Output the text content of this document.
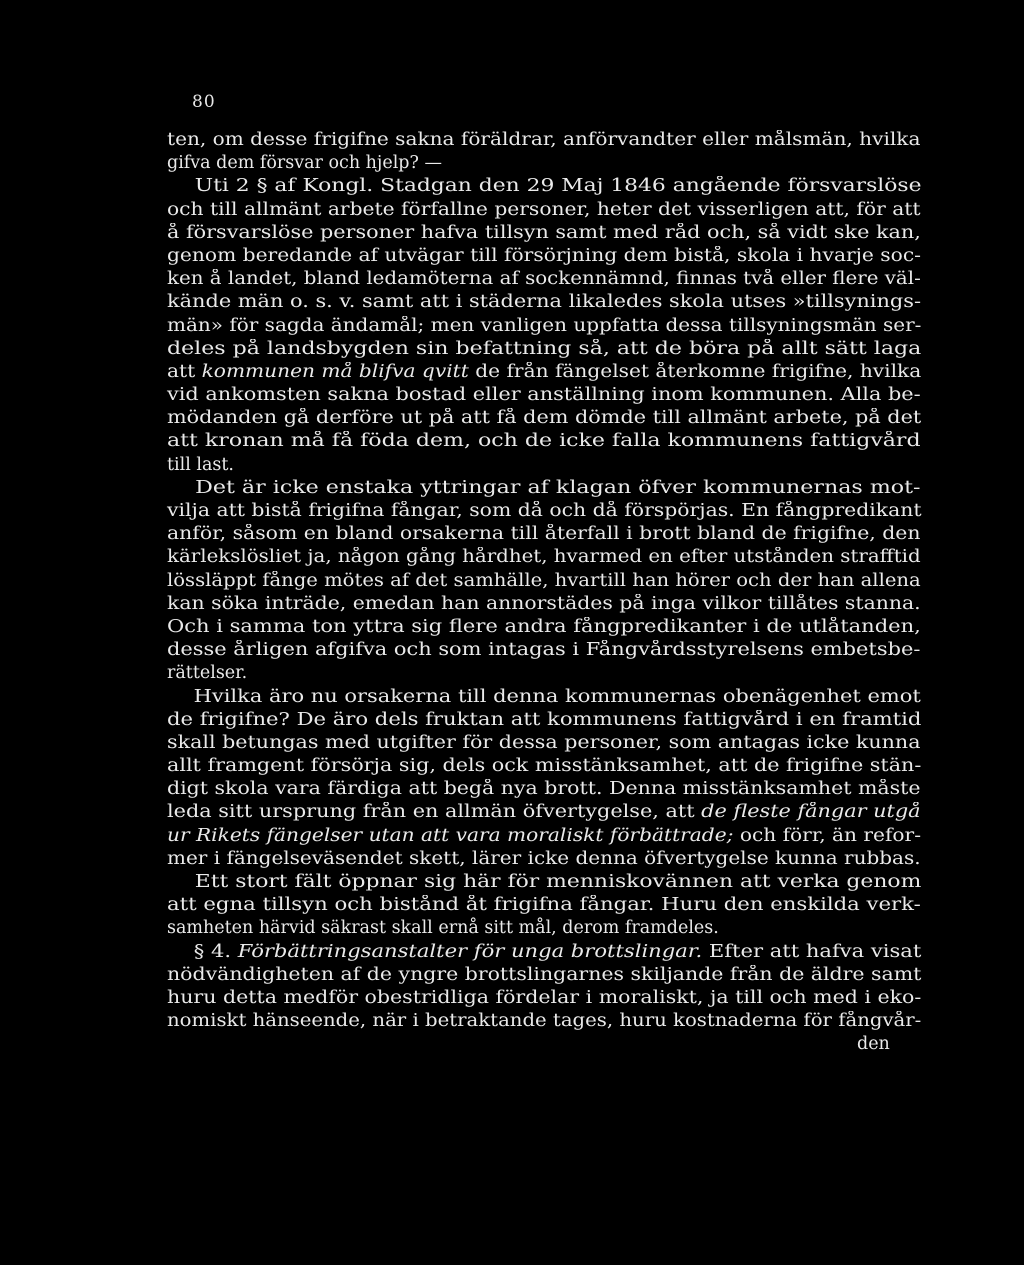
80
ten, om desse frigifne sakna föräldrar, anförvandter eller målsmän, hvilka
gifva dem försvar och hjelp? —
Uti 2 § af Kongl. Stadgan den 29 Maj 1846 angående försvarslöse
och till allmänt arbete förfallne personer, heter det visserligen att, för att
å försvarslöse personer hafva tillsyn samt med råd och, så vidt ske kan,
genom beredande af utvägar till försörjning dem bistå, skola i hvarje soc-
ken å landet, bland ledamöterna af sockennämnd, finnas två eller flere väl-
kände män o. s. v. samt att i städerna likaledes skola utses »tillsynings-
män» för sagda ändamål; men vanligen uppfatta dessa tillsyningsmän ser-
deles på landsbygden sin befattning så, att de böra på allt sätt laga
att kommunen må blifva qvitt de från fängelset återkomne frigifne, hvilka
vid ankomsten sakna bostad eller anställning inom kommunen. Alla be-
mödanden gå derföre ut på att få dem dömde till allmänt arbete, på det
att kronan må få föda dem, och de icke falla kommunens fattigvård
till last.
Det är icke enstaka yttringar af klagan öfver kommunernas mot-
vilja att bistå frigifna fångar, som då och då förspörjas. En fångpredikant
anför, såsom en bland orsakerna till återfall i brott bland de frigifne, den
kärlekslösliet ja, någon gång hårdhet, hvarmed en efter utstånden strafftid
lössläppt fånge mötes af det samhälle, hvartill han hörer och der han allena
kan söka inträde, emedan han annorstädes på inga vilkor tillåtes stanna.
Och i samma ton yttra sig flere andra fångpredikanter i de utlåtanden,
desse årligen afgifva och som intagas i Fångvårdsstyrelsens embetsbe-
rättelser.
Hvilka äro nu orsakerna till denna kommunernas obenägenhet emot
de frigifne? De äro dels fruktan att kommunens fattigvård i en framtid
skall betungas med utgifter för dessa personer, som antagas icke kunna
allt framgent försörja sig, dels ock misstänksamhet, att de frigifne stän-
digt skola vara färdiga att begå nya brott. Denna misstänksamhet måste
leda sitt ursprung från en allmän öfvertygelse, att de fleste fångar utgå
ur Rikets fängelser utan att vara moraliskt förbättrade; och förr, än refor-
mer i fängelseväsendet skett, lärer icke denna öfvertygelse kunna rubbas.
Ett stort fält öppnar sig här för menniskovännen att verka genom
att egna tillsyn och bistånd åt frigifna fångar. Huru den enskilda verk-
samheten härvid säkrast skall ernå sitt mål, derom framdeles.
§ 4. Förbättringsanstalter för unga brottslingar. Efter att hafva visat
nödvändigheten af de yngre brottslingarnes skiljande från de äldre samt
huru detta medför obestridliga fördelar i moraliskt, ja till och med i eko-
nomiskt hänseende, när i betraktande tages, huru kostnaderna för fångvår-
den
